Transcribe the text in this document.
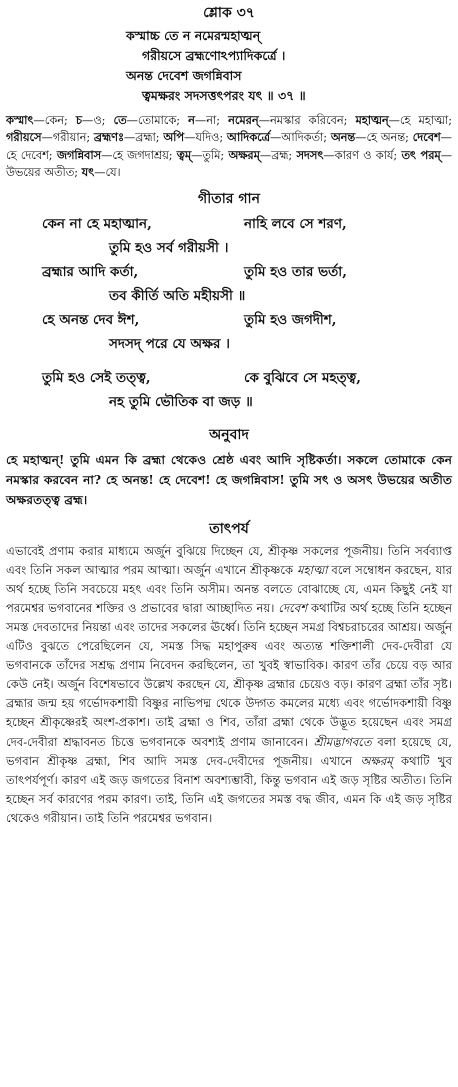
শ্লোক ৩৭
কস্মাচ্চ তে ন নমেরন্মহাত্মন্‌
গরীয়সে ব্রহ্মণোঽপ্যাদিকর্ত্রে ।
অনন্ত দেবেশ জগন্নিবাস
ত্বমক্ষরং সদসত্তৎপরং যৎ ॥ ৩৭ ॥

কস্মাৎ—কেন; চ—ও; তে—তোমাকে; ন—না; নমেরন্—নমস্কার করিবেন; মহাত্মন্—হে মহাত্মা; গরীয়সে—গরীয়ান; ব্রহ্মণঃ—ব্রহ্মা; অপি—যদিও; আদিকর্ত্রে—আদিকর্তা; অনন্ত—হে অনন্ত; দেবেশ—হে দেবেশ; জগন্নিবাস—হে জগদাশ্রয়; ত্বম্—তুমি; অক্ষরম্—ব্রহ্ম; সদসৎ—কারণ ও কার্য; তৎ পরম্—উভয়ের অতীত; যৎ—যে।

গীতার গান
কেন না হে মহাত্মান,	নাহি লবে সে শরণ,
তুমি হও সর্ব গরীয়সী ।
ব্রহ্মার আদি কর্তা,	তুমি হও তার ভর্তা,
তব কীর্তি অতি মহীয়সী ॥
হে অনন্ত দেব ঈশ,	তুমি হও জগদীশ,
সদসদ্‌ পরে যে অক্ষর ।
তুমি হও সেই তত্ত্ব,	কে বুঝিবে সে মহত্ত্ব,
নহ তুমি ভৌতিক বা জড় ॥
অনুবাদ

হে মহাত্মন্! তুমি এমন কি ব্রহ্মা থেকেও শ্রেষ্ঠ এবং আদি সৃষ্টিকর্তা। সকলে তোমাকে কেন নমস্কার করবেন না? হে অনন্ত! হে দেবেশ! হে জগন্নিবাস! তুমি সৎ ও অসৎ উভয়ের অতীত অক্ষরতত্ত্ব ব্রহ্ম।

তাৎপর্য

এভাবেই প্রণাম করার মাধ্যমে অর্জুন বুঝিয়ে দিচ্ছেন যে, শ্রীকৃষ্ণ সকলের পূজনীয়। তিনি সর্বব্যাপ্ত এবং তিনি সকল আত্মার পরম আত্মা। অর্জুন এখানে শ্রীকৃষ্ণকে মহাত্মা বলে সম্বোধন করছেন, যার অর্থ হচ্ছে তিনি সবচেয়ে মহৎ এবং তিনি অসীম। অনন্ত বলতে বোঝাচ্ছে যে, এমন কিছুই নেই যা পরমেশ্বর ভগবানের শক্তির ও প্রভাবের দ্বারা আচ্ছাদিত নয়। দেবেশ কথাটির অর্থ হচ্ছে তিনি হচ্ছেন সমস্ত দেবতাদের নিয়ন্তা এবং তাদের সকলের ঊর্ধ্বে। তিনি হচ্ছেন সমগ্র বিশ্বচরাচরের আশ্রয়। অর্জুন এটিও বুঝতে পেরেছিলেন যে, সমস্ত সিদ্ধ মহাপুরুষ এবং অত্যন্ত শক্তিশালী দেব-দেবীরা যে ভগবানকে তাঁদের সশ্রদ্ধ প্রণাম নিবেদন করছিলেন, তা খুবই স্বাভাবিক। কারণ তাঁর চেয়ে বড় আর কেউ নেই। অর্জুন বিশেষভাবে উল্লেখ করছেন যে, শ্রীকৃষ্ণ ব্রহ্মার চেয়েও বড়। কারণ ব্রহ্মা তাঁর সৃষ্ট। ব্রহ্মার জন্ম হয় গর্ভোদকশায়ী বিষ্ণুর নাভিপদ্ম থেকে উদ্গত কমলের মধ্যে এবং গর্ভোদকশায়ী বিষ্ণু হচ্ছেন শ্রীকৃষ্ণেরই অংশ-প্রকাশ। তাই ব্রহ্মা ও শিব, তাঁরা ব্রহ্মা থেকে উদ্ভূত হয়েছেন এবং সমগ্র দেব-দেবীরা শ্রদ্ধাবনত চিত্তে ভগবানকে অবশ্যই প্রণাম জানাবেন। শ্রীমদ্ভাগবতে বলা হয়েছে যে, ভগবান শ্রীকৃষ্ণ ব্রহ্মা, শিব আদি সমস্ত দেব-দেবীদের পূজনীয়। এখানে অক্ষরম্ কথাটি খুব তাৎপর্যপূর্ণ। কারণ এই জড় জগতের বিনাশ অবশ্যম্ভাবী, কিন্তু ভগবান এই জড় সৃষ্টির অতীত। তিনি হচ্ছেন সর্ব কারণের পরম কারণ। তাই, তিনি এই জগতের সমস্ত বদ্ধ জীব, এমন কি এই জড় সৃষ্টির থেকেও গরীয়ান। তাই তিনি পরমেশ্বর ভগবান।
